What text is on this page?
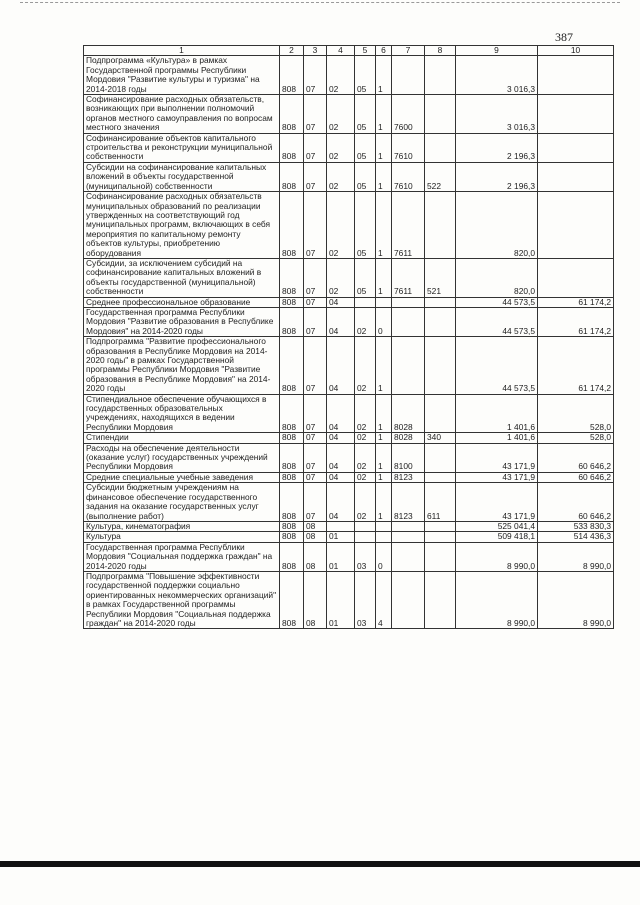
387
1	2	3	4	5	6	7	8	9	10
Подпрограмма «Культура» в рамках Государственной программы Республики Мордовия "Развитие культуры и туризма" на 2014-2018 годы	808	07	02	05	1			3 016,3	
Софинансирование расходных обязательств, возникающих при выполнении полномочий органов местного самоуправления по вопросам местного значения	808	07	02	05	1	7600		3 016,3	
Софинансирование объектов капитального строительства и реконструкции муниципальной собственности	808	07	02	05	1	7610		2 196,3	
Субсидии на софинансирование капитальных вложений в объекты государственной (муниципальной) собственности	808	07	02	05	1	7610	522	2 196,3	
Софинансирование расходных обязательств муниципальных образований по реализации утвержденных на соответствующий год муниципальных программ, включающих в себя мероприятия по капитальному ремонту объектов культуры, приобретению оборудования	808	07	02	05	1	7611		820,0	
Субсидии, за исключением субсидий на софинансирование капитальных вложений в объекты государственной (муниципальной) собственности	808	07	02	05	1	7611	521	820,0	
Среднее профессиональное образование	808	07	04					44 573,5	61 174,2
Государственная программа Республики Мордовия "Развитие образования в Республике Мордовия" на 2014-2020 годы	808	07	04	02	0			44 573,5	61 174,2
Подпрограмма "Развитие профессионального образования в Республике Мордовия на 2014-2020 годы" в рамках Государственной программы Республики Мордовия "Развитие образования в Республике Мордовия" на 2014-2020 годы	808	07	04	02	1			44 573,5	61 174,2
Стипендиальное обеспечение обучающихся в государственных образовательных учреждениях, находящихся в ведении Республики Мордовия	808	07	04	02	1	8028		1 401,6	528,0
Стипендии	808	07	04	02	1	8028	340	1 401,6	528,0
Расходы на обеспечение деятельности (оказание услуг) государственных учреждений Республики Мордовия	808	07	04	02	1	8100		43 171,9	60 646,2
Средние специальные учебные заведения	808	07	04	02	1	8123		43 171,9	60 646,2
Субсидии бюджетным учреждениям на финансовое обеспечение государственного задания на оказание государственных услуг (выполнение работ)	808	07	04	02	1	8123	611	43 171,9	60 646,2
Культура, кинематография	808	08						525 041,4	533 830,3
Культура	808	08	01					509 418,1	514 436,3
Государственная программа Республики Мордовия "Социальная поддержка граждан" на 2014-2020 годы	808	08	01	03	0			8 990,0	8 990,0
Подпрограмма "Повышение эффективности государственной поддержки социально ориентированных некоммерческих организаций" в рамках Государственной программы Республики Мордовия "Социальная поддержка граждан" на 2014-2020 годы	808	08	01	03	4			8 990,0	8 990,0
